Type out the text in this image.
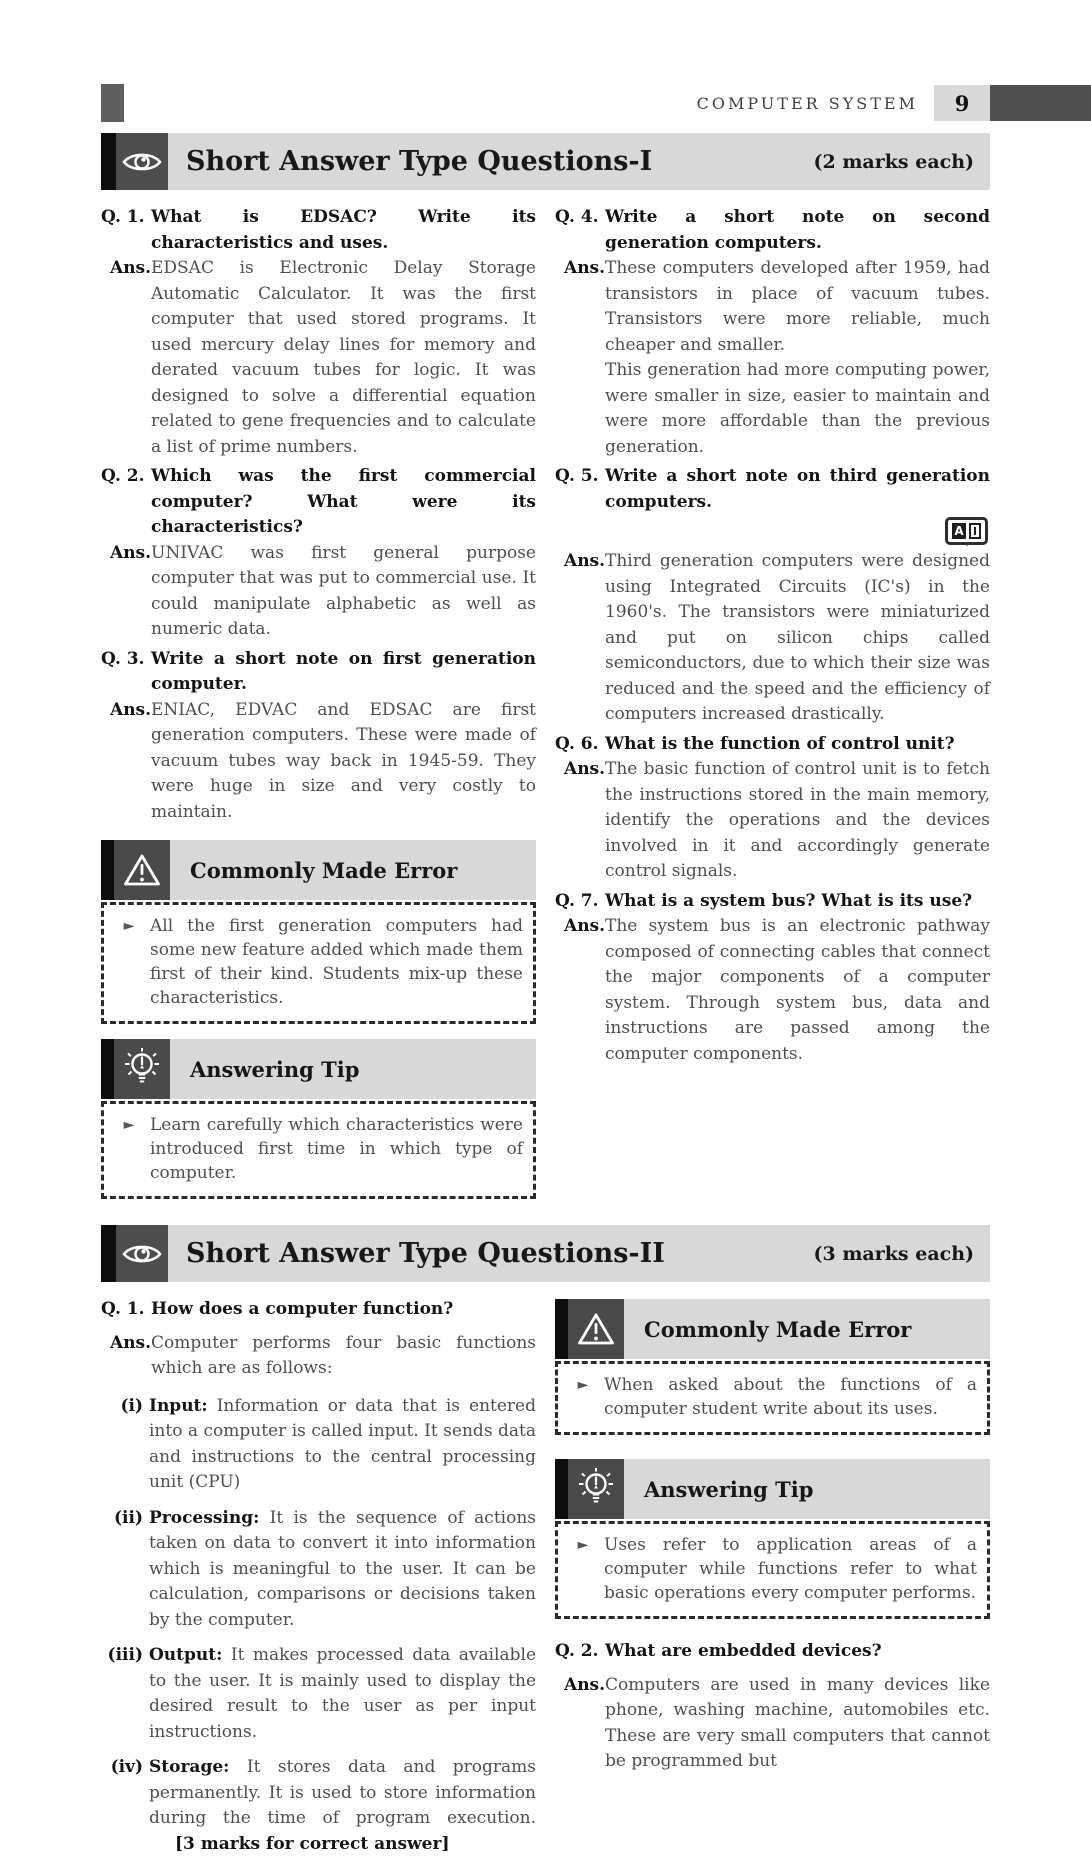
COMPUTER SYSTEM 9
Short Answer Type Questions-I	(2 marks each)
Q. 1. What is EDSAC? Write its characteristics and uses.
Ans. EDSAC is Electronic Delay Storage Automatic Calculator. It was the first computer that used stored programs. It used mercury delay lines for memory and derated vacuum tubes for logic. It was designed to solve a differential equation related to gene frequencies and to calculate a list of prime numbers.
Q. 2. Which was the first commercial computer? What were its characteristics?
Ans. UNIVAC was first general purpose computer that was put to commercial use. It could manipulate alphabetic as well as numeric data.
Q. 3. Write a short note on first generation computer.
Ans. ENIAC, EDVAC and EDSAC are first generation computers. These were made of vacuum tubes way back in 1945-59. They were huge in size and very costly to maintain.
Commonly Made Error
► All the first generation computers had some new feature added which made them first of their kind. Students mix-up these characteristics.
Answering Tip
► Learn carefully which characteristics were introduced first time in which type of computer.
Q. 4. Write a short note on second generation computers.
Ans. These computers developed after 1959, had transistors in place of vacuum tubes. Transistors were more reliable, much cheaper and smaller.
This generation had more computing power, were smaller in size, easier to maintain and were more affordable than the previous generation.
Q. 5. Write a short note on third generation computers.
A I
Ans. Third generation computers were designed using Integrated Circuits (IC's) in the 1960's. The transistors were miniaturized and put on silicon chips called semiconductors, due to which their size was reduced and the speed and the efficiency of computers increased drastically.
Q. 6. What is the function of control unit?
Ans. The basic function of control unit is to fetch the instructions stored in the main memory, identify the operations and the devices involved in it and accordingly generate control signals.
Q. 7. What is a system bus? What is its use?
Ans. The system bus is an electronic pathway composed of connecting cables that connect the major components of a computer system. Through system bus, data and instructions are passed among the computer components.
Short Answer Type Questions-II	(3 marks each)
Q. 1. How does a computer function?
Ans. Computer performs four basic functions which are as follows:
(i) Input: Information or data that is entered into a computer is called input. It sends data and instructions to the central processing unit (CPU)
(ii) Processing: It is the sequence of actions taken on data to convert it into information which is meaningful to the user. It can be calculation, comparisons or decisions taken by the computer.
(iii) Output: It makes processed data available to the user. It is mainly used to display the desired result to the user as per input instructions.
(iv) Storage: It stores data and programs permanently. It is used to store information during the time of program execution. [3 marks for correct answer]
Commonly Made Error
► When asked about the functions of a computer student write about its uses.
Answering Tip
► Uses refer to application areas of a computer while functions refer to what basic operations every computer performs.
Q. 2. What are embedded devices?
Ans. Computers are used in many devices like phone, washing machine, automobiles etc. These are very small computers that cannot be programmed but
